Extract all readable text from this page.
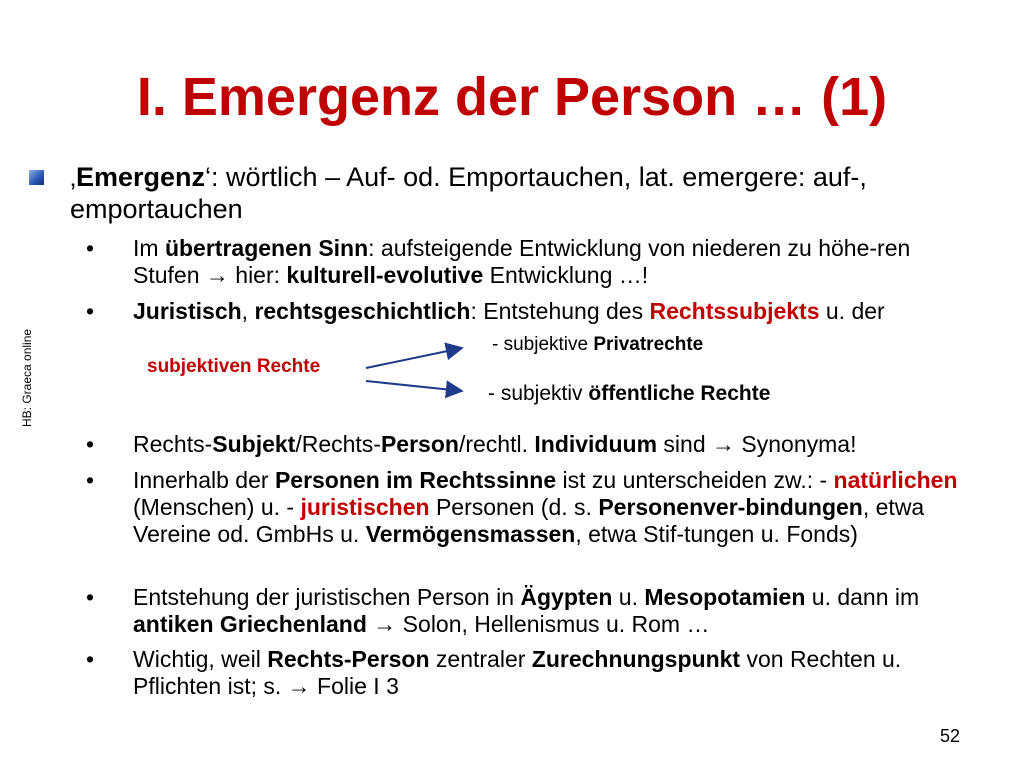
I. Emergenz der Person … (1)
HB: Graeca online
‚Emergenz‘: wörtlich – Auf- od. Emportauchen, lat. emergere: auf-, emportauchen
• Im übertragenen Sinn: aufsteigende Entwicklung von niederen zu höhe-ren Stufen → hier: kulturell-evolutive Entwicklung …!
• Juristisch, rechtsgeschichtlich: Entstehung des Rechtssubjekts u. der
- subjektive Privatrechte
subjektiven Rechte
- subjektiv öffentliche Rechte
• Rechts-Subjekt/Rechts-Person/rechtl. Individuum sind → Synonyma!
• Innerhalb der Personen im Rechtssinne ist zu unterscheiden zw.: - natürlichen (Menschen) u. - juristischen Personen (d. s. Personenver-bindungen, etwa Vereine od. GmbHs u. Vermögensmassen, etwa Stif-tungen u. Fonds)
• Entstehung der juristischen Person in Ägypten u. Mesopotamien u. dann im antiken Griechenland → Solon, Hellenismus u. Rom …
• Wichtig, weil Rechts-Person zentraler Zurechnungspunkt von Rechten u. Pflichten ist; s. → Folie I 3
52
